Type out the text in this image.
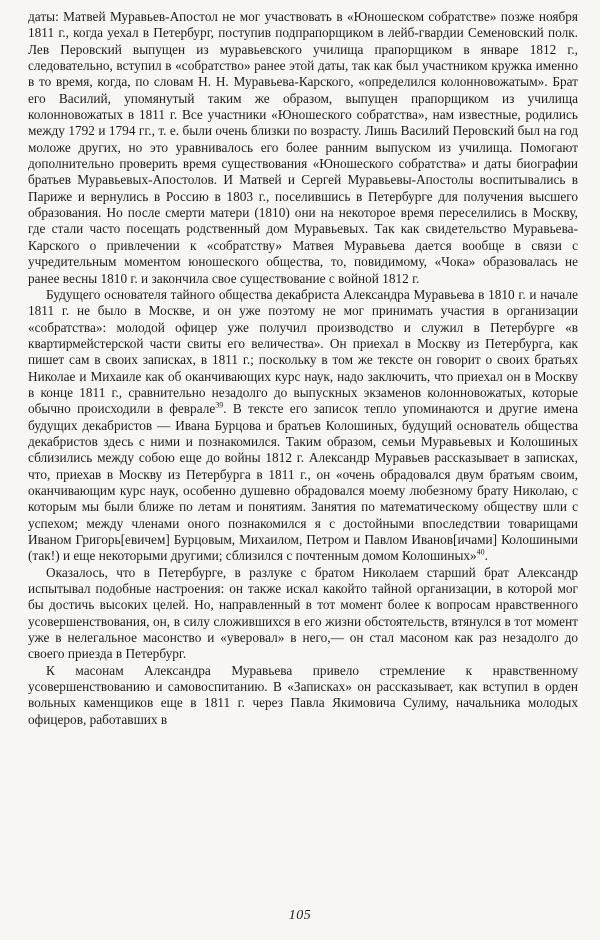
даты: Матвей Муравьев-Апостол не мог участвовать в «Юношеском собратстве» позже ноября 1811 г., когда уехал в Петербург, поступив подпрапорщиком в лейб-гвардии Семеновский полк. Лев Перовский выпущен из муравьевского училища прапорщиком в январе 1812 г., следовательно, вступил в «собратство» ранее этой даты, так как был участником кружка именно в то время, когда, по словам Н. Н. Муравьева-Карского, «определился колонновожатым». Брат его Василий, упомянутый таким же образом, выпущен прапорщиком из училища колонновожатых в 1811 г. Все участники «Юношеского собратства», нам известные, родились между 1792 и 1794 гг., т. е. были очень близки по возрасту. Лишь Василий Перовский был на год моложе других, но это уравнивалось его более ранним выпуском из училища. Помогают дополнительно проверить время существования «Юношеского собратства» и даты биографии братьев Муравьевых-Апостолов. И Матвей и Сергей Муравьевы-Апостолы воспитывались в Париже и вернулись в Россию в 1803 г., поселившись в Петербурге для получения высшего образования. Но после смерти матери (1810) они на некоторое время переселились в Москву, где стали часто посещать родственный дом Муравьевых. Так как свидетельство Муравьева-Карского о привлечении к «собратству» Матвея Муравьева дается вообще в связи с учредительным моментом юношеского общества, то, повидимому, «Чока» образовалась не ранее весны 1810 г. и закончила свое существование с войной 1812 г.

Будущего основателя тайного общества декабриста Александра Муравьева в 1810 г. и начале 1811 г. не было в Москве, и он уже поэтому не мог принимать участия в организации «собратства»: молодой офицер уже получил производство и служил в Петербурге «в квартирмейстерской части свиты его величества». Он приехал в Москву из Петербурга, как пишет сам в своих записках, в 1811 г.; поскольку в том же тексте он говорит о своих братьях Николае и Михаиле как об оканчивающих курс наук, надо заключить, что приехал он в Москву в конце 1811 г., сравнительно незадолго до выпускных экзаменов колонновожатых, которые обычно происходили в феврале$^{39}$. В тексте его записок тепло упоминаются и другие имена будущих декабристов — Ивана Бурцова и братьев Колошиных, будущий основатель общества декабристов здесь с ними и познакомился. Таким образом, семьи Муравьевых и Колошиных сблизились между собою еще до войны 1812 г. Александр Муравьев рассказывает в записках, что, приехав в Москву из Петербурга в 1811 г., он «очень обрадовался двум братьям своим, оканчивающим курс наук, особенно душевно обрадовался моему любезному брату Николаю, с которым мы были ближе по летам и понятиям. Занятия по математическому обществу шли с успехом; между членами оного познакомился я с достойными впоследствии товарищами Иваном Григорь[евичем] Бурцовым, Михаилом, Петром и Павлом Иванов[ичами] Колошиными (так!) и еще некоторыми другими; сблизился с почтенным домом Колошиных»$^{40}$.

Оказалось, что в Петербурге, в разлуке с братом Николаем старший брат Александр испытывал подобные настроения: он также искал какойто тайной организации, в которой мог бы достичь высоких целей. Но, направленный в тот момент более к вопросам нравственного усовершенствования, он, в силу сложившихся в его жизни обстоятельств, втянулся в тот момент уже в нелегальное масонство и «уверовал» в него,— он стал масоном как раз незадолго до своего приезда в Петербург.

К масонам Александра Муравьева привело стремление к нравственному усовершенствованию и самовоспитанию. В «Записках» он рассказывает, как вступил в орден вольных каменщиков еще в 1811 г. через Павла Якимовича Сулиму, начальника молодых офицеров, работавших в

105
